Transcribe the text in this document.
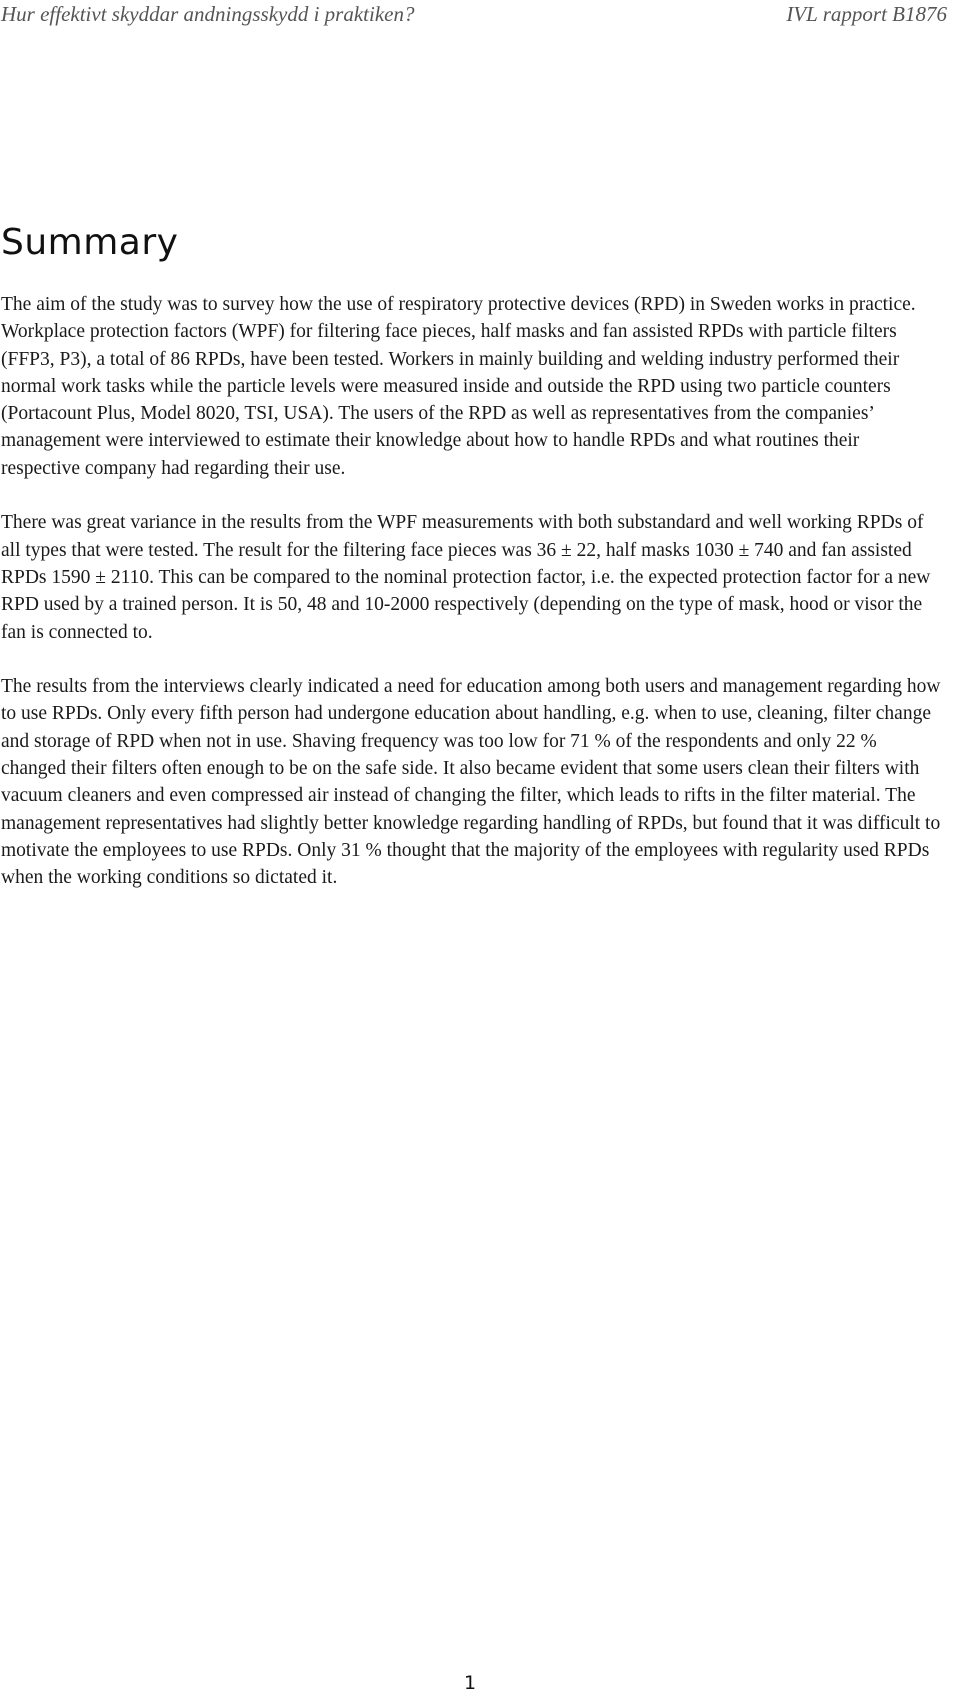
Hur effektivt skyddar andningsskydd i praktiken?	IVL rapport B1876
Summary

The aim of the study was to survey how the use of respiratory protective devices (RPD) in Sweden works in practice. Workplace protection factors (WPF) for filtering face pieces, half masks and fan assisted RPDs with particle filters (FFP3, P3), a total of 86 RPDs, have been tested. Workers in mainly building and welding industry performed their normal work tasks while the particle levels were measured inside and outside the RPD using two particle counters (Portacount Plus, Model 8020, TSI, USA). The users of the RPD as well as representatives from the companies’ management were interviewed to estimate their knowledge about how to handle RPDs and what routines their respective company had regarding their use.

There was great variance in the results from the WPF measurements with both substandard and well working RPDs of all types that were tested. The result for the filtering face pieces was 36 ± 22, half masks 1030 ± 740 and fan assisted RPDs 1590 ± 2110. This can be compared to the nominal protection factor, i.e. the expected protection factor for a new RPD used by a trained person. It is 50, 48 and 10-2000 respectively (depending on the type of mask, hood or visor the fan is connected to.

The results from the interviews clearly indicated a need for education among both users and management regarding how to use RPDs. Only every fifth person had undergone education about handling, e.g. when to use, cleaning, filter change and storage of RPD when not in use. Shaving frequency was too low for 71 % of the respondents and only 22 % changed their filters often enough to be on the safe side. It also became evident that some users clean their filters with vacuum cleaners and even compressed air instead of changing the filter, which leads to rifts in the filter material. The management representatives had slightly better knowledge regarding handling of RPDs, but found that it was difficult to motivate the employees to use RPDs. Only 31 % thought that the majority of the employees with regularity used RPDs when the working conditions so dictated it.

1
